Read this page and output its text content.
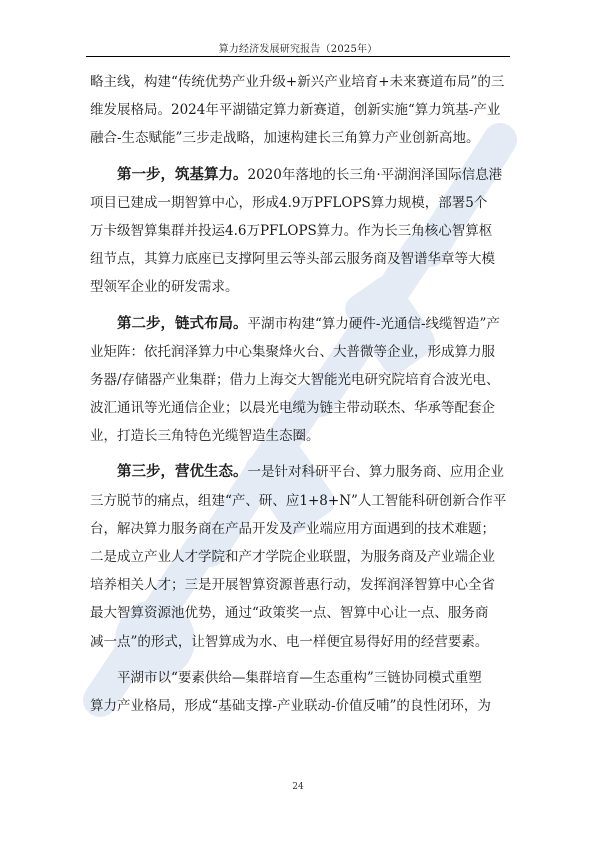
算力经济发展研究报告（2025年）
略主线，构建“传统优势产业升级+新兴产业培育+未来赛道布局”的三
维发展格局。2024年平湖锚定算力新赛道，创新实施“算力筑基-产业
融合-生态赋能”三步走战略，加速构建长三角算力产业创新高地。
第一步，筑基算力。2020年落地的长三角·平湖润泽国际信息港
项目已建成一期智算中心，形成4.9万PFLOPS算力规模，部署5个
万卡级智算集群并投运4.6万PFLOPS算力。作为长三角核心智算枢
纽节点，其算力底座已支撑阿里云等头部云服务商及智谱华章等大模
型领军企业的研发需求。
第二步，链式布局。平湖市构建“算力硬件-光通信-线缆智造”产
业矩阵：依托润泽算力中心集聚烽火台、大普微等企业，形成算力服
务器/存储器产业集群；借力上海交大智能光电研究院培育合波光电、
波汇通讯等光通信企业；以晨光电缆为链主带动联杰、华承等配套企
业，打造长三角特色光缆智造生态圈。
第三步，营优生态。一是针对科研平台、算力服务商、应用企业
三方脱节的痛点，组建“产、研、应1+8+N”人工智能科研创新合作平
台，解决算力服务商在产品开发及产业端应用方面遇到的技术难题；
二是成立产业人才学院和产才学院企业联盟，为服务商及产业端企业
培养相关人才；三是开展智算资源普惠行动，发挥润泽智算中心全省
最大智算资源池优势，通过“政策奖一点、智算中心让一点、服务商
减一点”的形式，让智算成为水、电一样便宜易得好用的经营要素。
平湖市以“要素供给—集群培育—生态重构”三链协同模式重塑
算力产业格局，形成“基础支撑-产业联动-价值反哺”的良性闭环，为
24
